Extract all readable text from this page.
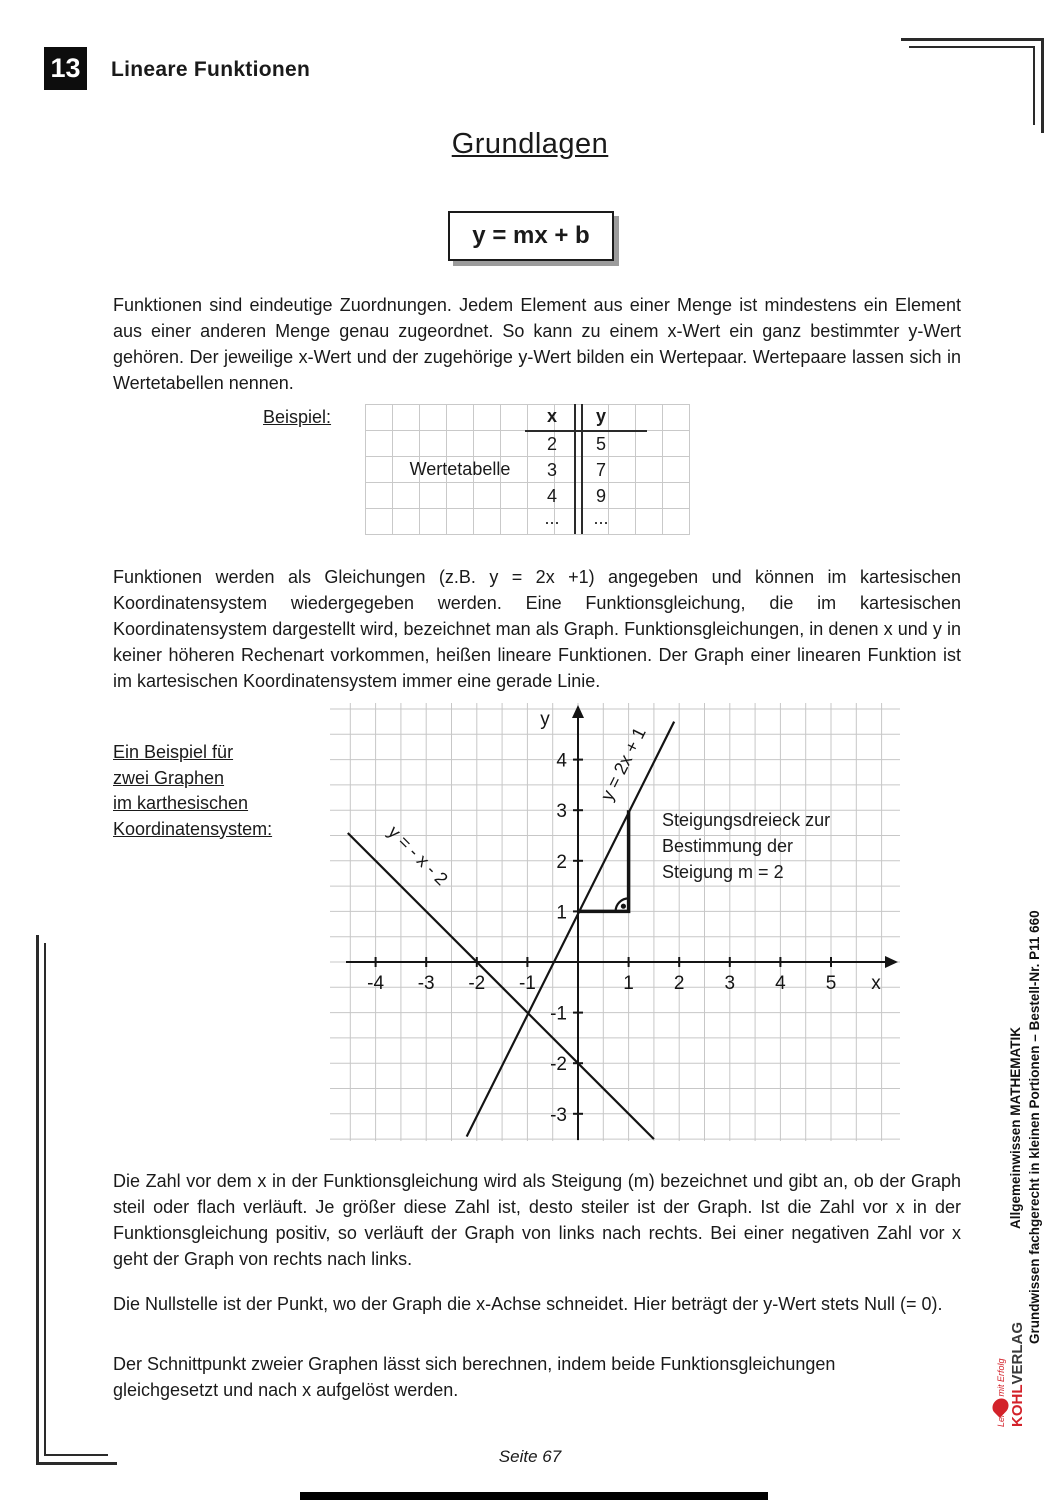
13	Lineare Funktionen
Grundlagen
y = mx + b
Funktionen sind eindeutige Zuordnungen. Jedem Element aus einer Menge ist mindestens ein Element aus einer anderen Menge genau zugeordnet. So kann zu einem x-Wert ein ganz bestimmter y-Wert gehören. Der jeweilige x-Wert und der zugehörige y-Wert bilden ein Wertepaar. Wertepaare lassen sich in Wertetabellen nennen.
Beispiel:
Wertetabelle
x	y
2	5
3	7
4	9
...	...
Funktionen werden als Gleichungen (z.B. y = 2x +1) angegeben und können im kartesischen Koordinatensystem wiedergegeben werden. Eine Funktionsgleichung, die im kartesischen Koordinatensystem dargestellt wird, bezeichnet man als Graph. Funktionsgleichungen, in denen x und y in keiner höheren Rechenart vorkommen, heißen lineare Funktionen. Der Graph einer linearen Funktion ist im kartesischen Koordinatensystem immer eine gerade Linie.
Ein Beispiel für
zwei Graphen
im karthesischen
Koordinatensystem:
-4 -3 -2 -1	1 2 3 4 5
-3
-2
-1
1
2
3
4
x
y
y = 2x + 1
y = - x - 2
Steigungsdreieck zur
Bestimmung der
Steigung m = 2
Die Zahl vor dem x in der Funktionsgleichung wird als Steigung (m) bezeichnet und gibt an, ob der Graph steil oder flach verläuft. Je größer diese Zahl ist, desto steiler ist der Graph. Ist die Zahl vor x in der Funktionsgleichung positiv, so verläuft der Graph von links nach rechts. Bei einer negativen Zahl vor x geht der Graph von rechts nach links.
Die Nullstelle ist der Punkt, wo der Graph die x-Achse schneidet. Hier beträgt der y-Wert stets Null (= 0).
Der Schnittpunkt zweier Graphen lässt sich berechnen, indem beide Funktionsgleichungen gleichgesetzt und nach x aufgelöst werden.
Seite 67
Allgemeinwissen MATHEMATIK Grundwissen fachgerecht in kleinen Portionen – Bestell-Nr. P11 660
Lernen mit Erfolg KOHLVERLAG
